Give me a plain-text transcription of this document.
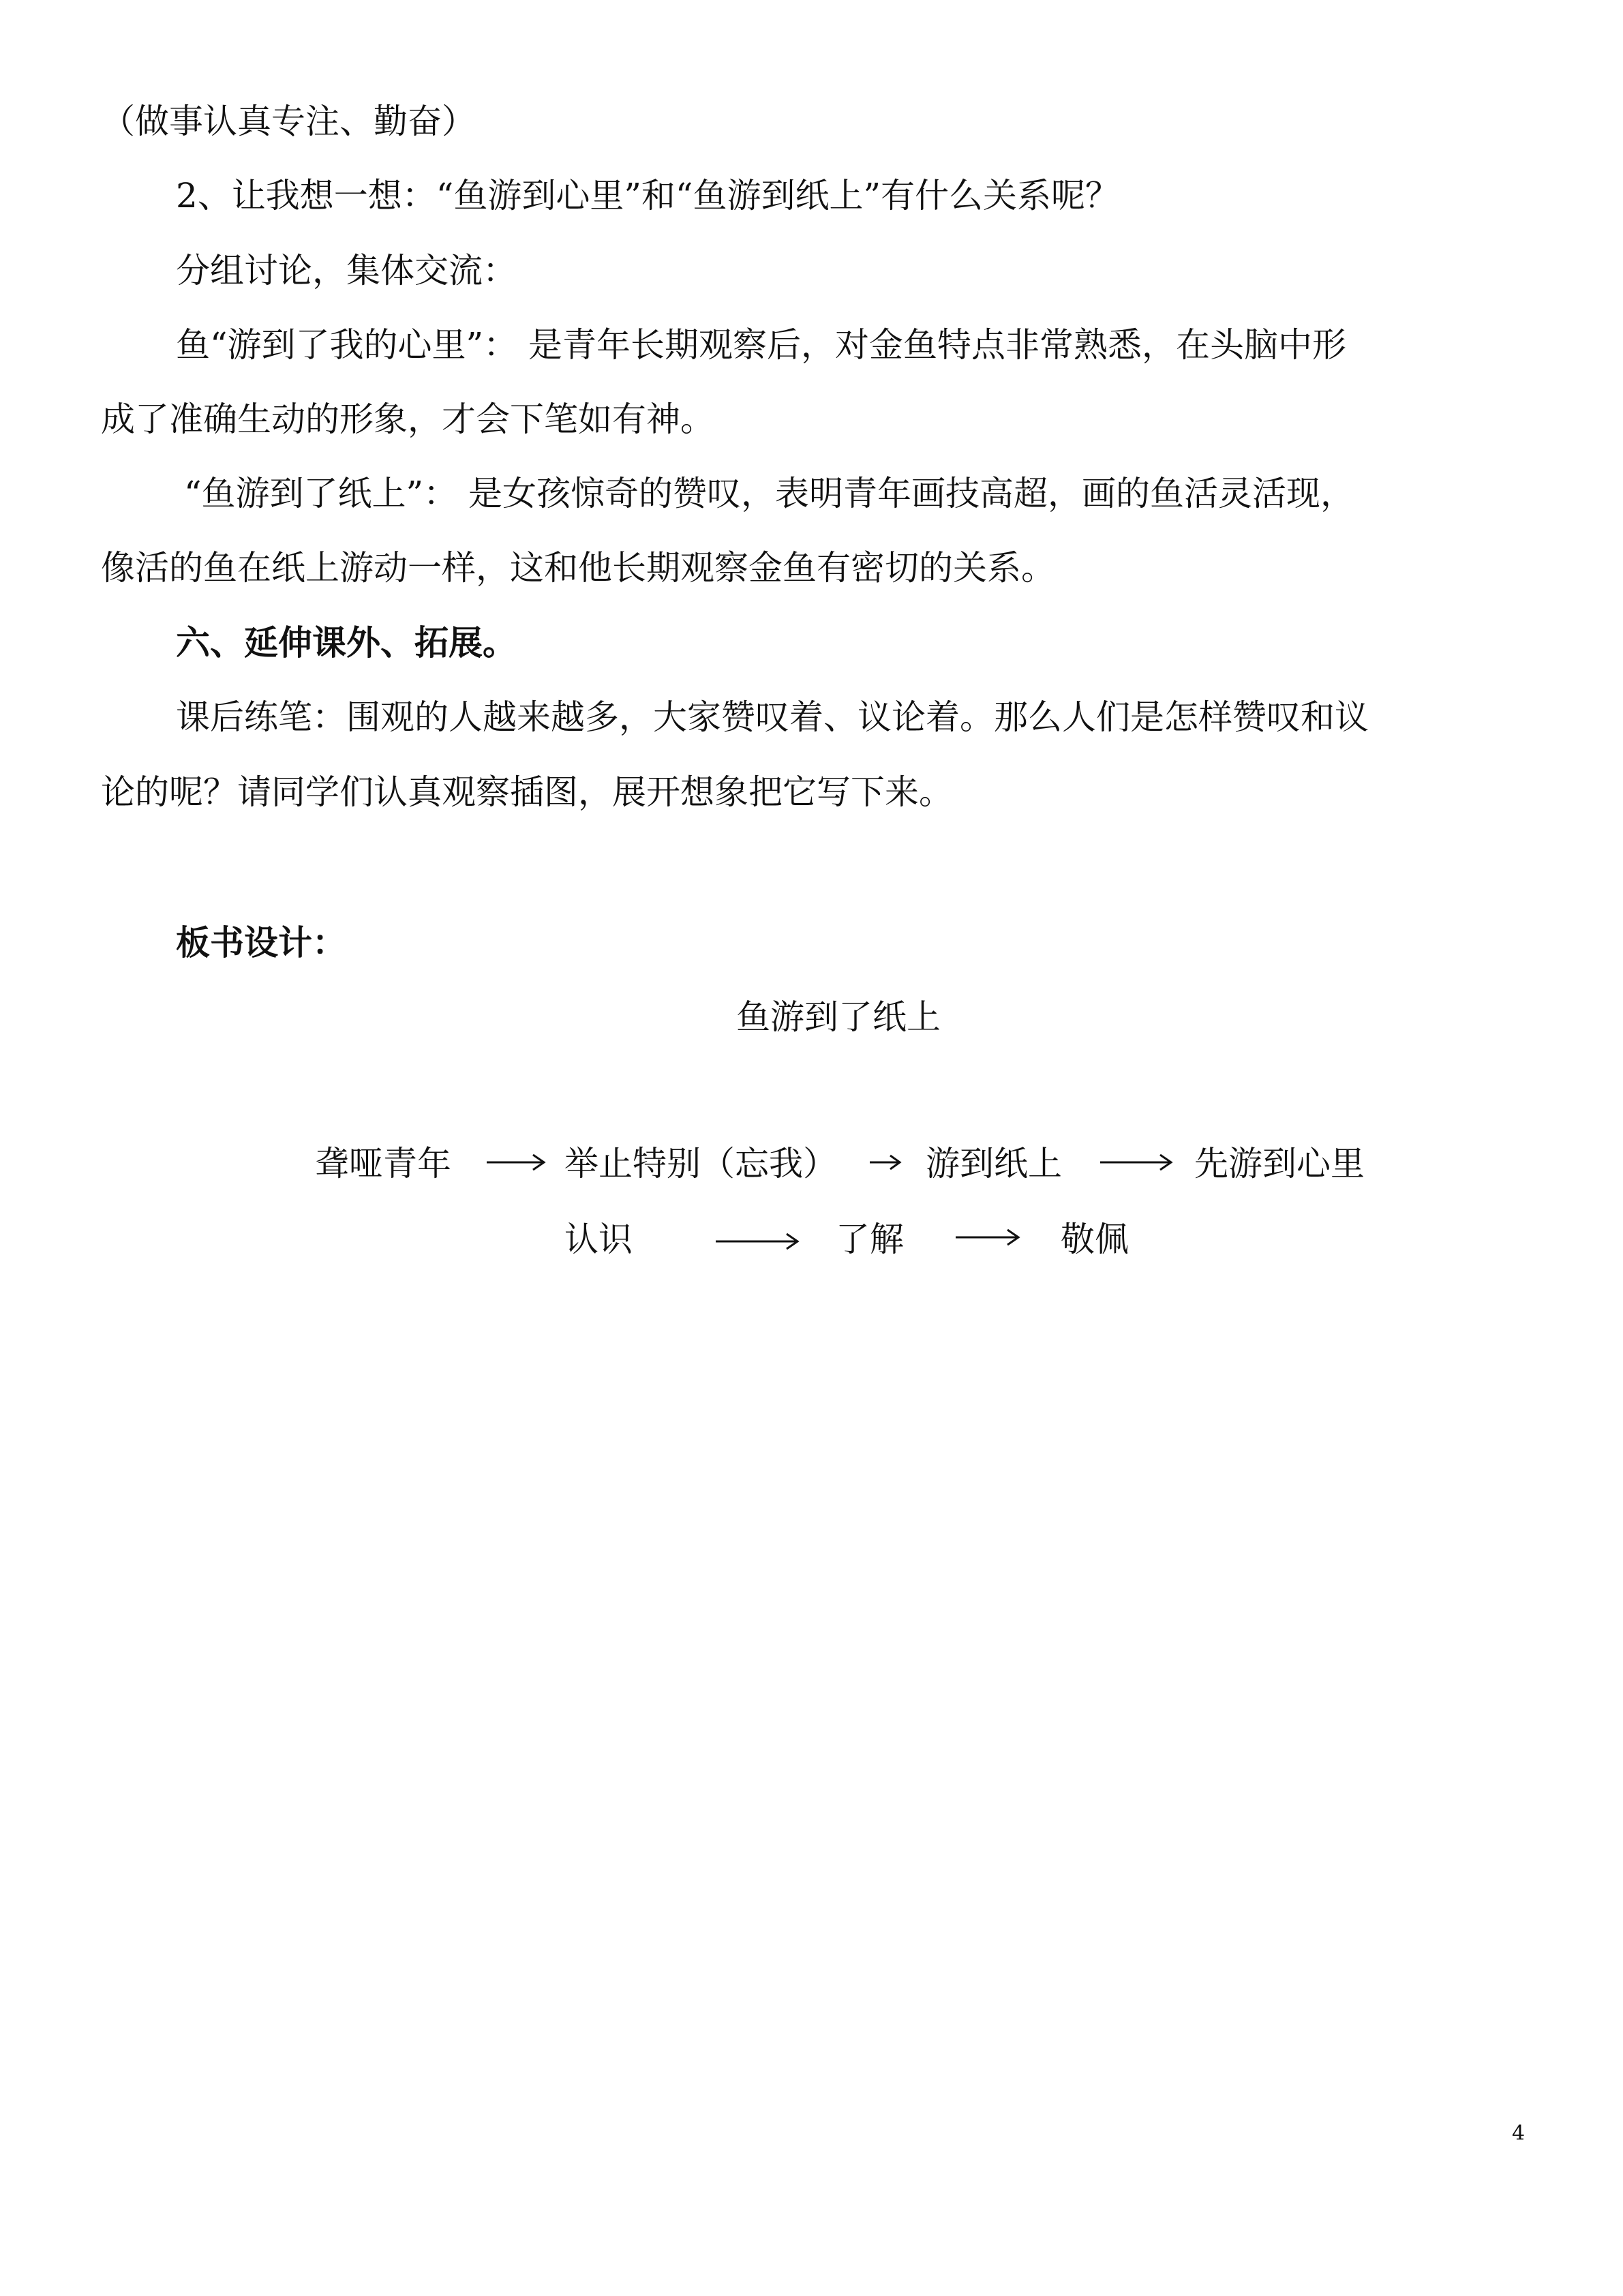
（做事认真专注、勤奋）
2、让我想一想：“鱼游到心里”和“鱼游到纸上”有什么关系呢？
分组讨论，集体交流：
鱼“游到了我的心里”： 是青年长期观察后，对金鱼特点非常熟悉，在头脑中形
成了准确生动的形象，才会下笔如有神。
“鱼游到了纸上”： 是女孩惊奇的赞叹，表明青年画技高超，画的鱼活灵活现，
像活的鱼在纸上游动一样，这和他长期观察金鱼有密切的关系。
六、延伸课外、拓展。
课后练笔：围观的人越来越多，大家赞叹着、议论着。那么人们是怎样赞叹和议
论的呢？请同学们认真观察插图，展开想象把它写下来。
板书设计：
鱼游到了纸上
聋哑青年	举止特别（忘我）	游到纸上	先游到心里
认识	了解	敬佩
4
